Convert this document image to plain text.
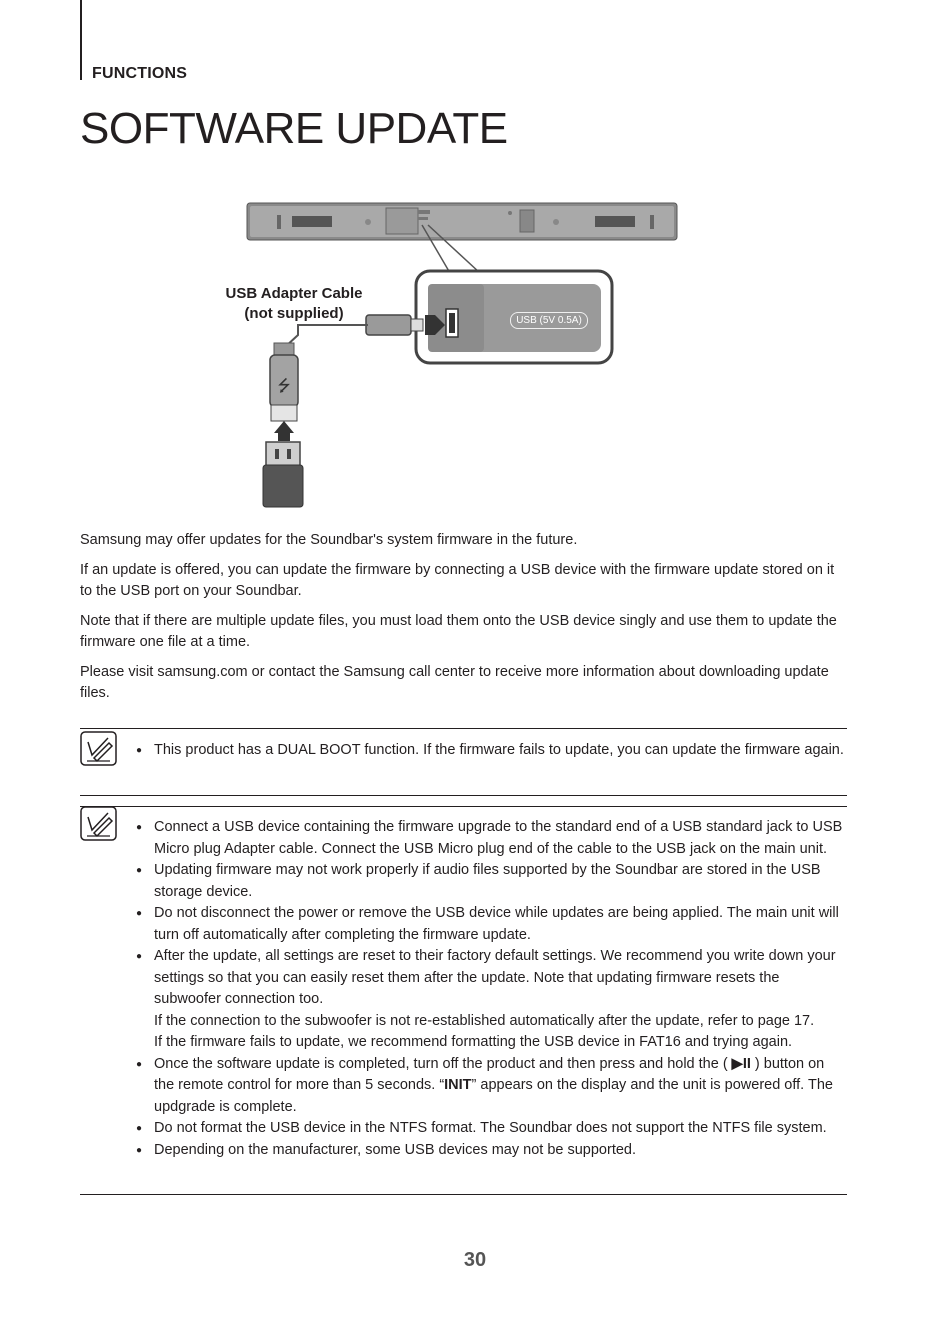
FUNCTIONS
SOFTWARE UPDATE
⭍
USB Adapter Cable
(not supplied)	USB (5V 0.5A)

Samsung may offer updates for the Soundbar's system firmware in the future.

If an update is offered, you can update the firmware by connecting a USB device with the firmware update stored on it to the USB port on your Soundbar.

Note that if there are multiple update files, you must load them onto the USB device singly and use them to update the firmware one file at a time.

Please visit samsung.com or contact the Samsung call center to receive more information about downloading update files.

● This product has a DUAL BOOT function. If the firmware fails to update, you can update the firmware again.
● Connect a USB device containing the firmware upgrade to the standard end of a USB standard jack to USB Micro plug Adapter cable. Connect the USB Micro plug end of the cable to the USB jack on the main unit.
● Updating firmware may not work properly if audio files supported by the Soundbar are stored in the USB storage device.
● Do not disconnect the power or remove the USB device while updates are being applied. The main unit will turn off automatically after completing the firmware update.
● After the update, all settings are reset to their factory default settings. We recommend you write down your settings so that you can easily reset them after the update. Note that updating firmware resets the subwoofer connection too.
If the connection to the subwoofer is not re-established automatically after the update, refer to page 17.
If the firmware fails to update, we recommend formatting the USB device in FAT16 and trying again.
● Once the software update is completed, turn off the product and then press and hold the ( ▶II ) button on the remote control for more than 5 seconds. “INIT” appears on the display and the unit is powered off. The updgrade is complete.
● Do not format the USB device in the NTFS format. The Soundbar does not support the NTFS file system.
● Depending on the manufacturer, some USB devices may not be supported.
30
